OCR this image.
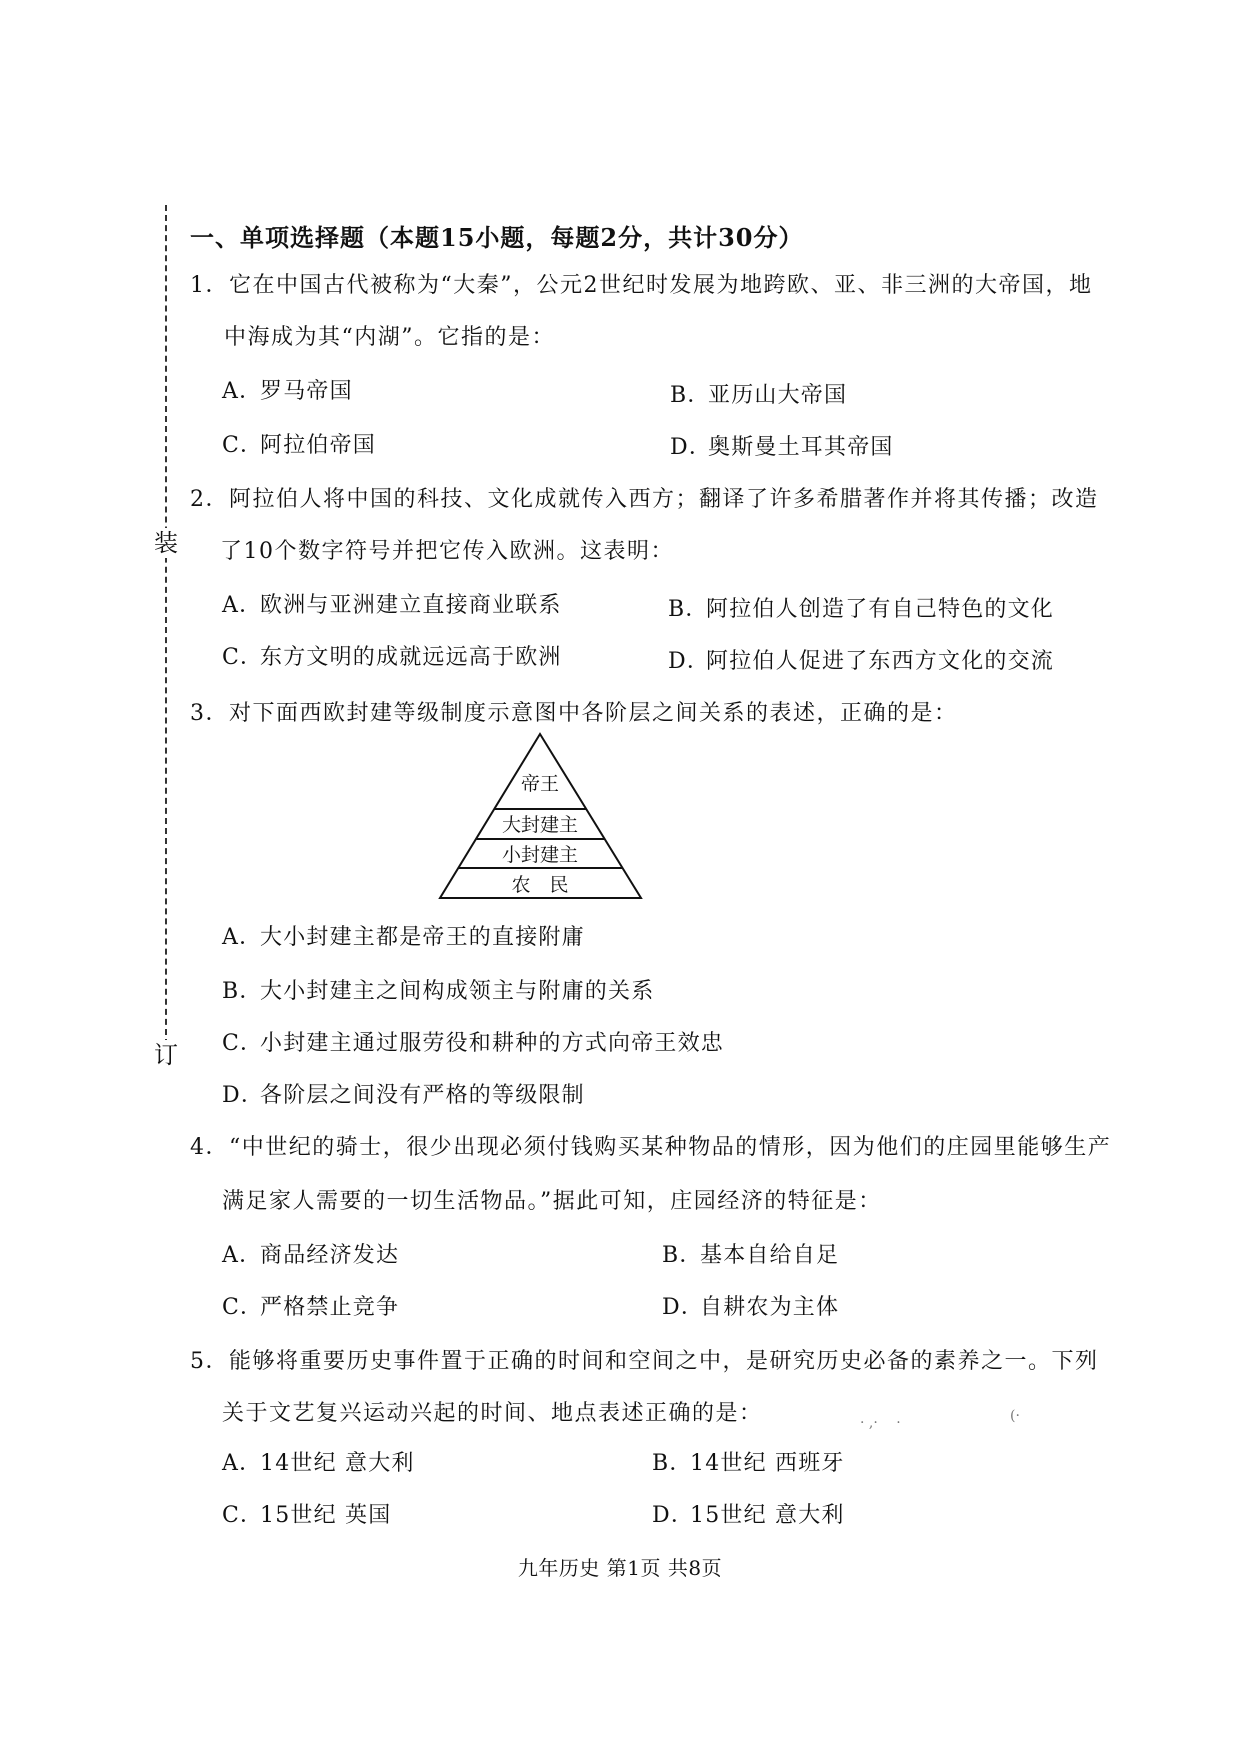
装
订
一、单项选择题（本题15小题，每题2分，共计30分）
1．它在中国古代被称为“大秦”，公元2世纪时发展为地跨欧、亚、非三洲的大帝国，地
中海成为其“内湖”。它指的是：
A．罗马帝国	B．亚历山大帝国
C．阿拉伯帝国	D．奥斯曼土耳其帝国
2．阿拉伯人将中国的科技、文化成就传入西方；翻译了许多希腊著作并将其传播；改造
了10个数字符号并把它传入欧洲。这表明：
A．欧洲与亚洲建立直接商业联系	B．阿拉伯人创造了有自己特色的文化
C．东方文明的成就远远高于欧洲	D．阿拉伯人促进了东西方文化的交流
3．对下面西欧封建等级制度示意图中各阶层之间关系的表述，正确的是：
帝王
大封建主
小封建主
农　民
A．大小封建主都是帝王的直接附庸
B．大小封建主之间构成领主与附庸的关系
C．小封建主通过服劳役和耕种的方式向帝王效忠
D．各阶层之间没有严格的等级限制
4．“中世纪的骑士，很少出现必须付钱购买某种物品的情形，因为他们的庄园里能够生产
满足家人需要的一切生活物品。”据此可知，庄园经济的特征是：
A．商品经济发达	B．基本自给自足
C．严格禁止竞争	D．自耕农为主体
5．能够将重要历史事件置于正确的时间和空间之中，是研究历史必备的素养之一。下列
关于文艺复兴运动兴起的时间、地点表述正确的是：
A．14世纪 意大利	B．14世纪 西班牙
C．15世纪 英国	D．15世纪 意大利
· ,·　 ·	(·
九年历史 第1页 共8页
